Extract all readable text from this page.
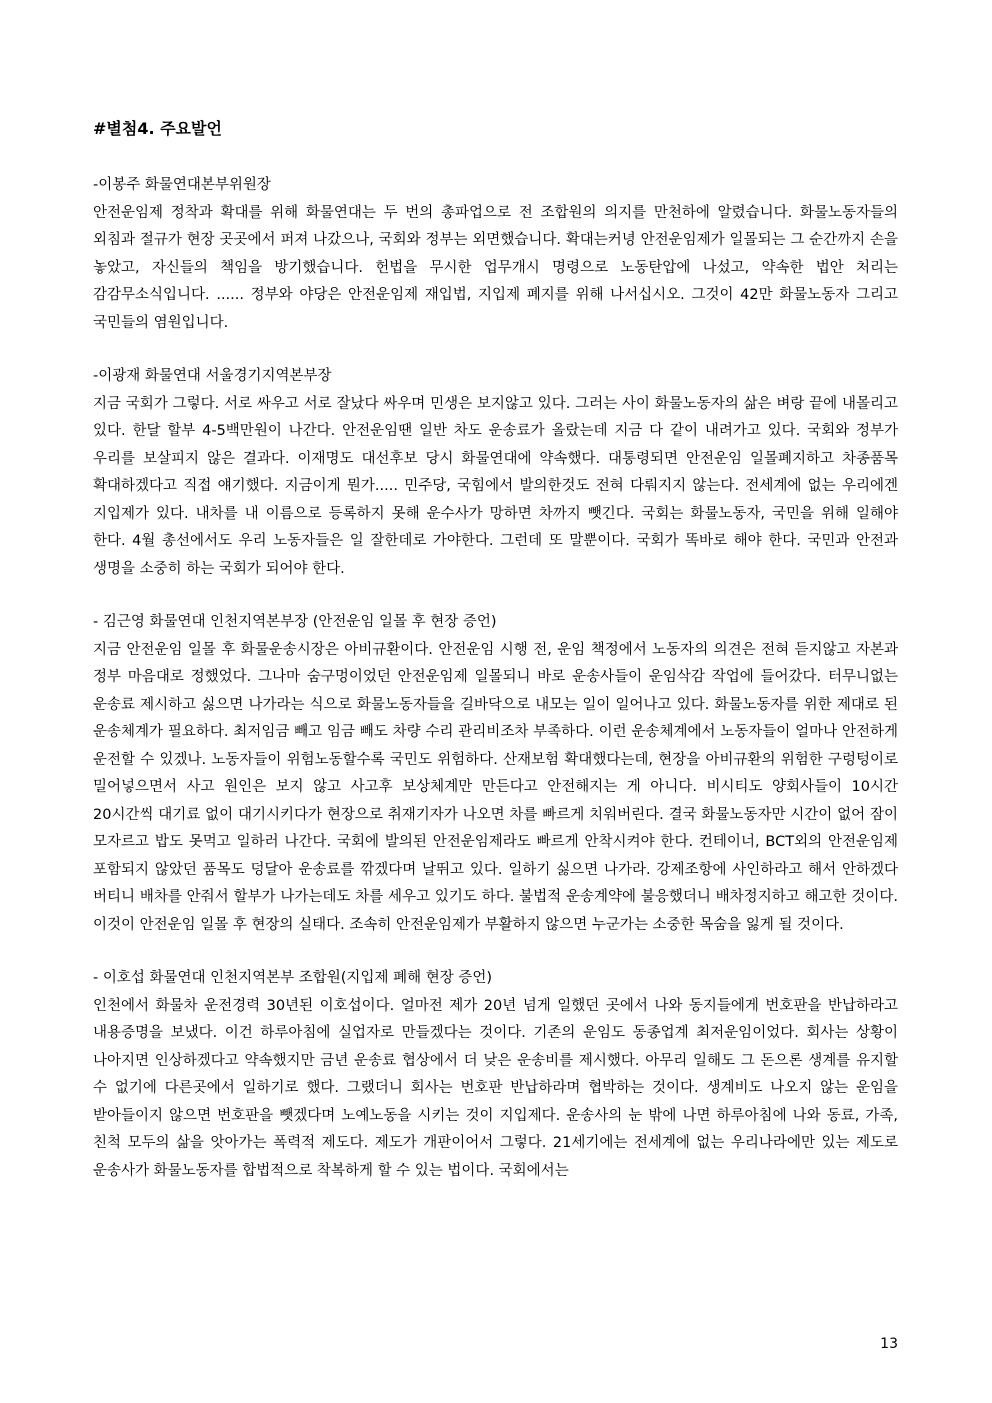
#별첨4. 주요발언

-이봉주 화물연대본부위원장

안전운임제 정착과 확대를 위해 화물연대는 두 번의 총파업으로 전 조합원의 의지를 만천하에 알렸습니다. 화물노동자들의 외침과 절규가 현장 곳곳에서 퍼져 나갔으나, 국회와 정부는 외면했습니다. 확대는커녕 안전운임제가 일몰되는 그 순간까지 손을 놓았고, 자신들의 책임을 방기했습니다. 헌법을 무시한 업무개시 명령으로 노동탄압에 나섰고, 약속한 법안 처리는 감감무소식입니다. ...... 정부와 야당은 안전운임제 재입법, 지입제 폐지를 위해 나서십시오. 그것이 42만 화물노동자 그리고 국민들의 염원입니다.

-이광재 화물연대 서울경기지역본부장

지금 국회가 그렇다. 서로 싸우고 서로 잘났다 싸우며 민생은 보지않고 있다. 그러는 사이 화물노동자의 삶은 벼랑 끝에 내몰리고 있다. 한달 할부 4-5백만원이 나간다. 안전운임땐 일반 차도 운송료가 올랐는데 지금 다 같이 내려가고 있다. 국회와 정부가 우리를 보살피지 않은 결과다. 이재명도 대선후보 당시 화물연대에 약속했다. 대통령되면 안전운임 일몰폐지하고 차종품목 확대하겠다고 직접 얘기했다. 지금이게 뭔가..... 민주당, 국힘에서 발의한것도 전혀 다뤄지지 않는다. 전세계에 없는 우리에겐 지입제가 있다. 내차를 내 이름으로 등록하지 못해 운수사가 망하면 차까지 뺏긴다. 국회는 화물노동자, 국민을 위해 일해야 한다. 4월 총선에서도 우리 노동자들은 일 잘한데로 가야한다. 그런데 또 말뿐이다. 국회가 똑바로 해야 한다. 국민과 안전과 생명을 소중히 하는 국회가 되어야 한다.

- 김근영 화물연대 인천지역본부장 (안전운임 일몰 후 현장 증언)

지금 안전운임 일몰 후 화물운송시장은 아비규환이다. 안전운임 시행 전, 운임 책정에서 노동자의 의견은 전혀 듣지않고 자본과 정부 마음대로 정했었다. 그나마 숨구멍이었던 안전운임제 일몰되니 바로 운송사들이 운임삭감 작업에 들어갔다. 터무니없는 운송료 제시하고 싫으면 나가라는 식으로 화물노동자들을 길바닥으로 내모는 일이 일어나고 있다. 화물노동자를 위한 제대로 된 운송체계가 필요하다. 최저임금 빼고 임금 빼도 차량 수리 관리비조차 부족하다. 이런 운송체계에서 노동자들이 얼마나 안전하게 운전할 수 있겠나. 노동자들이 위험노동할수록 국민도 위험하다. 산재보험 확대했다는데, 현장을 아비규환의 위험한 구렁텅이로 밀어넣으면서 사고 원인은 보지 않고 사고후 보상체계만 만든다고 안전해지는 게 아니다. 비시티도 양회사들이 10시간 20시간씩 대기료 없이 대기시키다가 현장으로 취재기자가 나오면 차를 빠르게 치워버린다. 결국 화물노동자만 시간이 없어 잠이 모자르고 밥도 못먹고 일하러 나간다. 국회에 발의된 안전운임제라도 빠르게 안착시켜야 한다. 컨테이너, BCT외의 안전운임제 포함되지 않았던 품목도 덩달아 운송료를 깎겠다며 날뛰고 있다. 일하기 싫으면 나가라. 강제조항에 사인하라고 해서 안하겠다 버티니 배차를 안줘서 할부가 나가는데도 차를 세우고 있기도 하다. 불법적 운송계약에 불응했더니 배차정지하고 해고한 것이다. 이것이 안전운임 일몰 후 현장의 실태다. 조속히 안전운임제가 부활하지 않으면 누군가는 소중한 목숨을 잃게 될 것이다.

- 이호섭 화물연대 인천지역본부 조합원(지입제 폐해 현장 증언)

인천에서 화물차 운전경력 30년된 이호섭이다. 얼마전 제가 20년 넘게 일했던 곳에서 나와 동지들에게 번호판을 반납하라고 내용증명을 보냈다. 이건 하루아침에 실업자로 만들겠다는 것이다. 기존의 운임도 동종업계 최저운임이었다. 회사는 상황이 나아지면 인상하겠다고 약속했지만 금년 운송료 협상에서 더 낮은 운송비를 제시했다. 아무리 일해도 그 돈으론 생계를 유지할 수 없기에 다른곳에서 일하기로 했다. 그랬더니 회사는 번호판 반납하라며 협박하는 것이다. 생계비도 나오지 않는 운임을 받아들이지 않으면 번호판을 뺏겠다며 노예노동을 시키는 것이 지입제다. 운송사의 눈 밖에 나면 하루아침에 나와 동료, 가족, 친척 모두의 삶을 앗아가는 폭력적 제도다. 제도가 개판이어서 그렇다. 21세기에는 전세계에 없는 우리나라에만 있는 제도로 운송사가 화물노동자를 합법적으로 착복하게 할 수 있는 법이다. 국회에서는

13
